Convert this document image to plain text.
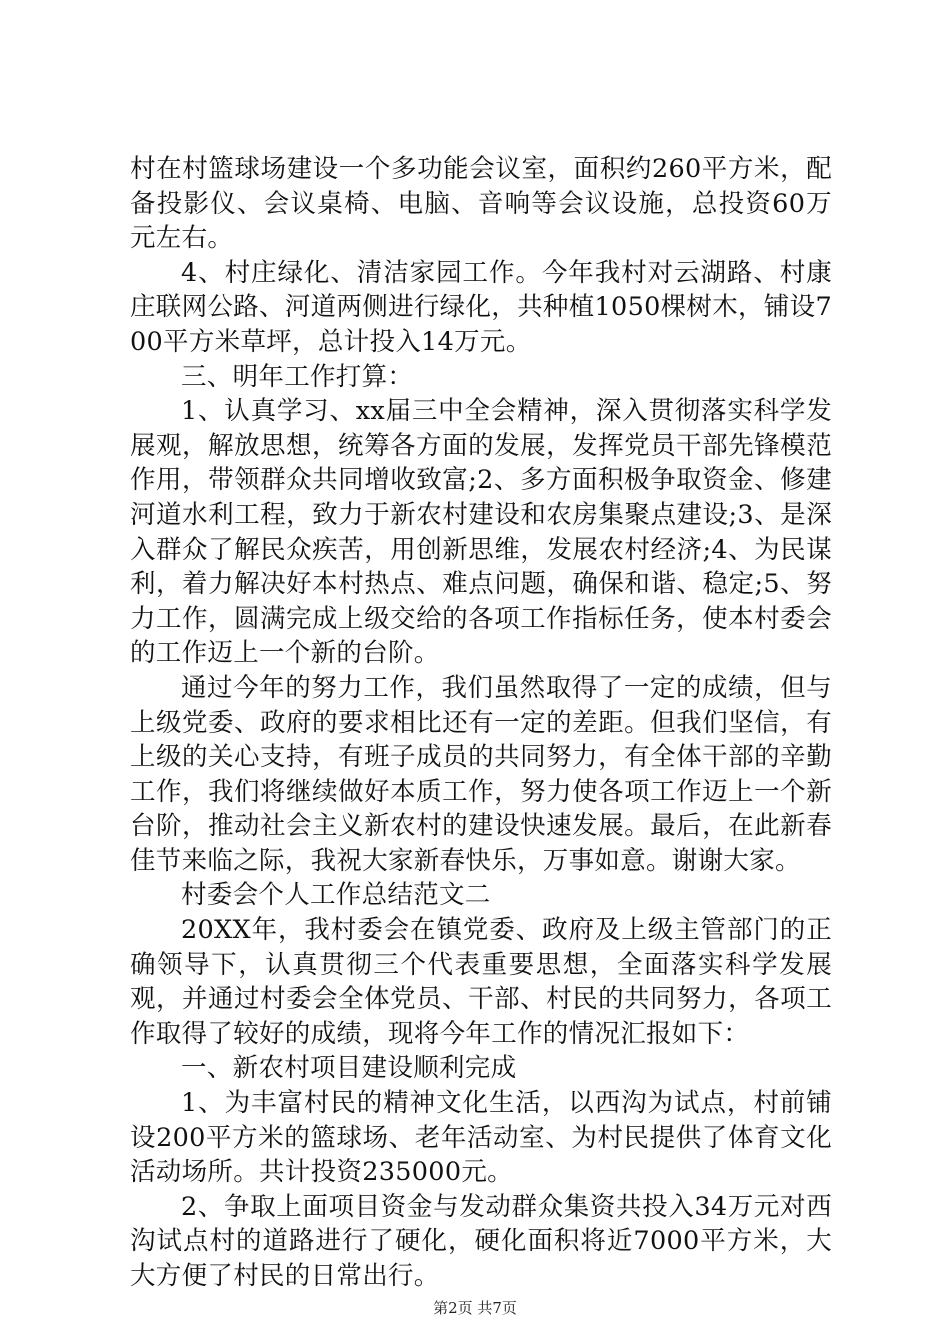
村在村篮球场建设一个多功能会议室，面积约260平方米，配备投影仪、会议桌椅、电脑、音响等会议设施，总投资60万元左右。

4、村庄绿化、清洁家园工作。今年我村对云湖路、村康庄联网公路、河道两侧进行绿化，共种植1050棵树木，铺设700平方米草坪，总计投入14万元。

三、明年工作打算：

1、认真学习、xx届三中全会精神，深入贯彻落实科学发展观，解放思想，统筹各方面的发展，发挥党员干部先锋模范作用，带领群众共同增收致富;2、多方面积极争取资金、修建河道水利工程，致力于新农村建设和农房集聚点建设;3、是深入群众了解民众疾苦，用创新思维，发展农村经济;4、为民谋利，着力解决好本村热点、难点问题，确保和谐、稳定;5、努力工作，圆满完成上级交给的各项工作指标任务，使本村委会的工作迈上一个新的台阶。

通过今年的努力工作，我们虽然取得了一定的成绩，但与上级党委、政府的要求相比还有一定的差距。但我们坚信，有上级的关心支持，有班子成员的共同努力，有全体干部的辛勤工作，我们将继续做好本质工作，努力使各项工作迈上一个新台阶，推动社会主义新农村的建设快速发展。最后，在此新春佳节来临之际，我祝大家新春快乐，万事如意。谢谢大家。

村委会个人工作总结范文二

20XX年，我村委会在镇党委、政府及上级主管部门的正确领导下，认真贯彻三个代表重要思想，全面落实科学发展观，并通过村委会全体党员、干部、村民的共同努力，各项工作取得了较好的成绩，现将今年工作的情况汇报如下：

一、新农村项目建设顺利完成

1、为丰富村民的精神文化生活，以西沟为试点，村前铺设200平方米的篮球场、老年活动室、为村民提供了体育文化活动场所。共计投资235000元。

2、争取上面项目资金与发动群众集资共投入34万元对西沟试点村的道路进行了硬化，硬化面积将近7000平方米，大大方便了村民的日常出行。

第2页 共7页
